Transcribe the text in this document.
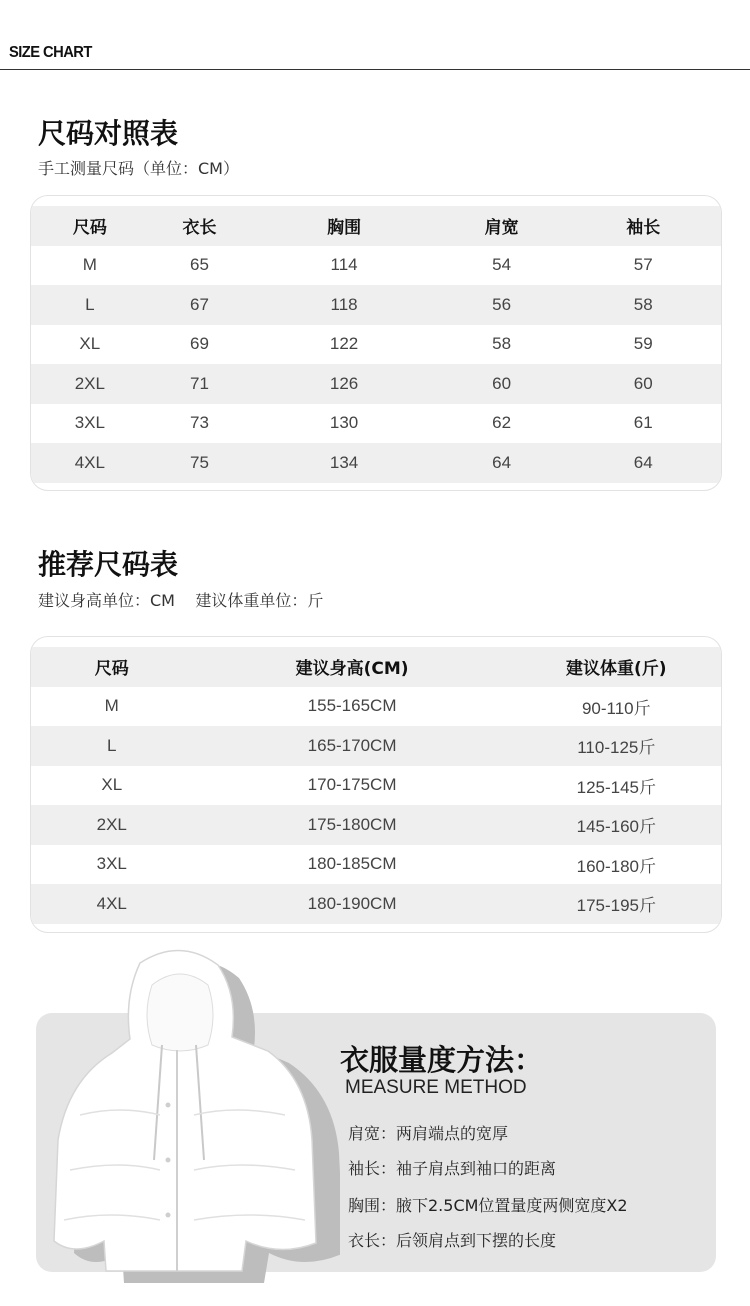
SIZE CHART
尺码对照表
手工测量尺码（单位：CM）
尺码	衣长	胸围	肩宽	袖长
M	65	114	54	57
L	67	118	56	58
XL	69	122	58	59
2XL	71	126	60	60
3XL	73	130	62	61
4XL	75	134	64	64
推荐尺码表
建议身高单位：CM    建议体重单位：斤
尺码	建议身高(CM)	建议体重(斤)
M	155-165CM	90-110斤
L	165-170CM	110-125斤
XL	170-175CM	125-145斤
2XL	175-180CM	145-160斤
3XL	180-185CM	160-180斤
4XL	180-190CM	175-195斤
衣服量度方法：
MEASURE METHOD
肩宽：两肩端点的宽厚
袖长：袖子肩点到袖口的距离
胸围：腋下2.5CM位置量度两侧宽度X2
衣长：后领肩点到下摆的长度
